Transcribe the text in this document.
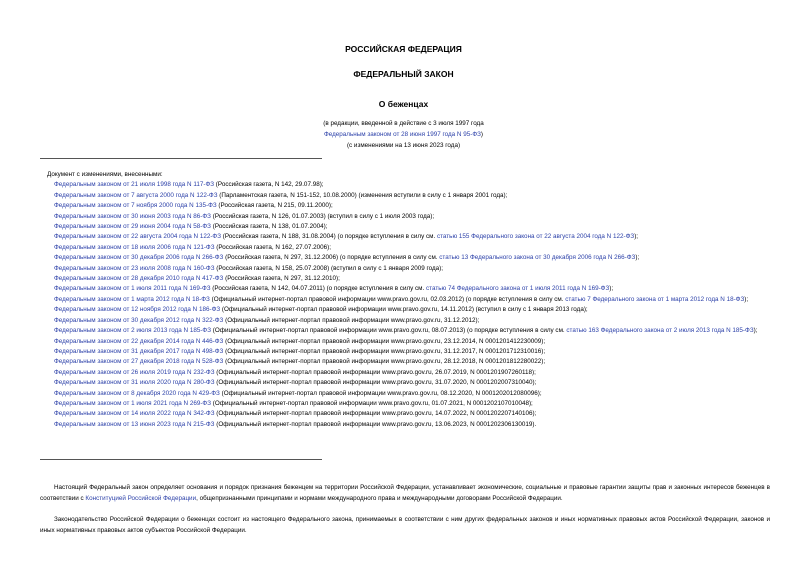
РОССИЙСКАЯ ФЕДЕРАЦИЯ
ФЕДЕРАЛЬНЫЙ ЗАКОН
О беженцах
(в редакции, введенной в действие с 3 июля 1997 года
Федеральным законом от 28 июня 1997 года N 95-ФЗ)
(с изменениями на 13 июня 2023 года)
Документ с изменениями, внесенными:
Федеральным законом от 21 июля 1998 года N 117-ФЗ (Российская газета, N 142, 29.07.98);
Федеральным законом от 7 августа 2000 года N 122-ФЗ (Парламентская газета, N 151-152, 10.08.2000) (изменения вступили в силу с 1 января 2001 года);
Федеральным законом от 7 ноября 2000 года N 135-ФЗ (Российская газета, N 215, 09.11.2000);
Федеральным законом от 30 июня 2003 года N 86-ФЗ (Российская газета, N 126, 01.07.2003) (вступил в силу с 1 июля 2003 года);
Федеральным законом от 29 июня 2004 года N 58-ФЗ (Российская газета, N 138, 01.07.2004);
Федеральным законом от 22 августа 2004 года N 122-ФЗ (Российская газета, N 188, 31.08.2004) (о порядке вступления в силу см. статью 155 Федерального закона от 22 августа 2004 года N 122-ФЗ);
Федеральным законом от 18 июля 2006 года N 121-ФЗ (Российская газета, N 162, 27.07.2006);
Федеральным законом от 30 декабря 2006 года N 266-ФЗ (Российская газета, N 297, 31.12.2006) (о порядке вступления в силу см. статью 13 Федерального закона от 30 декабря 2006 года N 266-ФЗ);
Федеральным законом от 23 июля 2008 года N 160-ФЗ (Российская газета, N 158, 25.07.2008) (вступил в силу с 1 января 2009 года);
Федеральным законом от 28 декабря 2010 года N 417-ФЗ (Российская газета, N 297, 31.12.2010);
Федеральным законом от 1 июля 2011 года N 169-ФЗ (Российская газета, N 142, 04.07.2011) (о порядке вступления в силу см. статью 74 Федерального закона от 1 июля 2011 года N 169-ФЗ);
Федеральным законом от 1 марта 2012 года N 18-ФЗ (Официальный интернет-портал правовой информации www.pravo.gov.ru, 02.03.2012) (о порядке вступления в силу см. статью 7 Федерального закона от 1 марта 2012 года N 18-ФЗ);
Федеральным законом от 12 ноября 2012 года N 186-ФЗ (Официальный интернет-портал правовой информации www.pravo.gov.ru, 14.11.2012) (вступил в силу с 1 января 2013 года);
Федеральным законом от 30 декабря 2012 года N 322-ФЗ (Официальный интернет-портал правовой информации www.pravo.gov.ru, 31.12.2012);
Федеральным законом от 2 июля 2013 года N 185-ФЗ (Официальный интернет-портал правовой информации www.pravo.gov.ru, 08.07.2013) (о порядке вступления в силу см. статью 163 Федерального закона от 2 июля 2013 года N 185-ФЗ);
Федеральным законом от 22 декабря 2014 года N 446-ФЗ (Официальный интернет-портал правовой информации www.pravo.gov.ru, 23.12.2014, N 0001201412230009);
Федеральным законом от 31 декабря 2017 года N 498-ФЗ (Официальный интернет-портал правовой информации www.pravo.gov.ru, 31.12.2017, N 0001201712310016);
Федеральным законом от 27 декабря 2018 года N 528-ФЗ (Официальный интернет-портал правовой информации www.pravo.gov.ru, 28.12.2018, N 0001201812280022);
Федеральным законом от 26 июля 2019 года N 232-ФЗ (Официальный интернет-портал правовой информации www.pravo.gov.ru, 26.07.2019, N 0001201907260118);
Федеральным законом от 31 июля 2020 года N 280-ФЗ (Официальный интернет-портал правовой информации www.pravo.gov.ru, 31.07.2020, N 0001202007310040);
Федеральным законом от 8 декабря 2020 года N 429-ФЗ (Официальный интернет-портал правовой информации www.pravo.gov.ru, 08.12.2020, N 0001202012080096);
Федеральным законом от 1 июля 2021 года N 269-ФЗ (Официальный интернет-портал правовой информации www.pravo.gov.ru, 01.07.2021, N 0001202107010048);
Федеральным законом от 14 июля 2022 года N 342-ФЗ (Официальный интернет-портал правовой информации www.pravo.gov.ru, 14.07.2022, N 0001202207140106);
Федеральным законом от 13 июня 2023 года N 215-ФЗ (Официальный интернет-портал правовой информации www.pravo.gov.ru, 13.06.2023, N 0001202306130019).
Настоящий Федеральный закон определяет основания и порядок признания беженцем на территории Российской Федерации, устанавливает экономические, социальные и правовые гарантии защиты прав и законных интересов беженцев в соответствии с Конституцией Российской Федерации, общепризнанными принципами и нормами международного права и международными договорами Российской Федерации.
Законодательство Российской Федерации о беженцах состоит из настоящего Федерального закона, принимаемых в соответствии с ним других федеральных законов и иных нормативных правовых актов Российской Федерации, законов и иных нормативных правовых актов субъектов Российской Федерации.
